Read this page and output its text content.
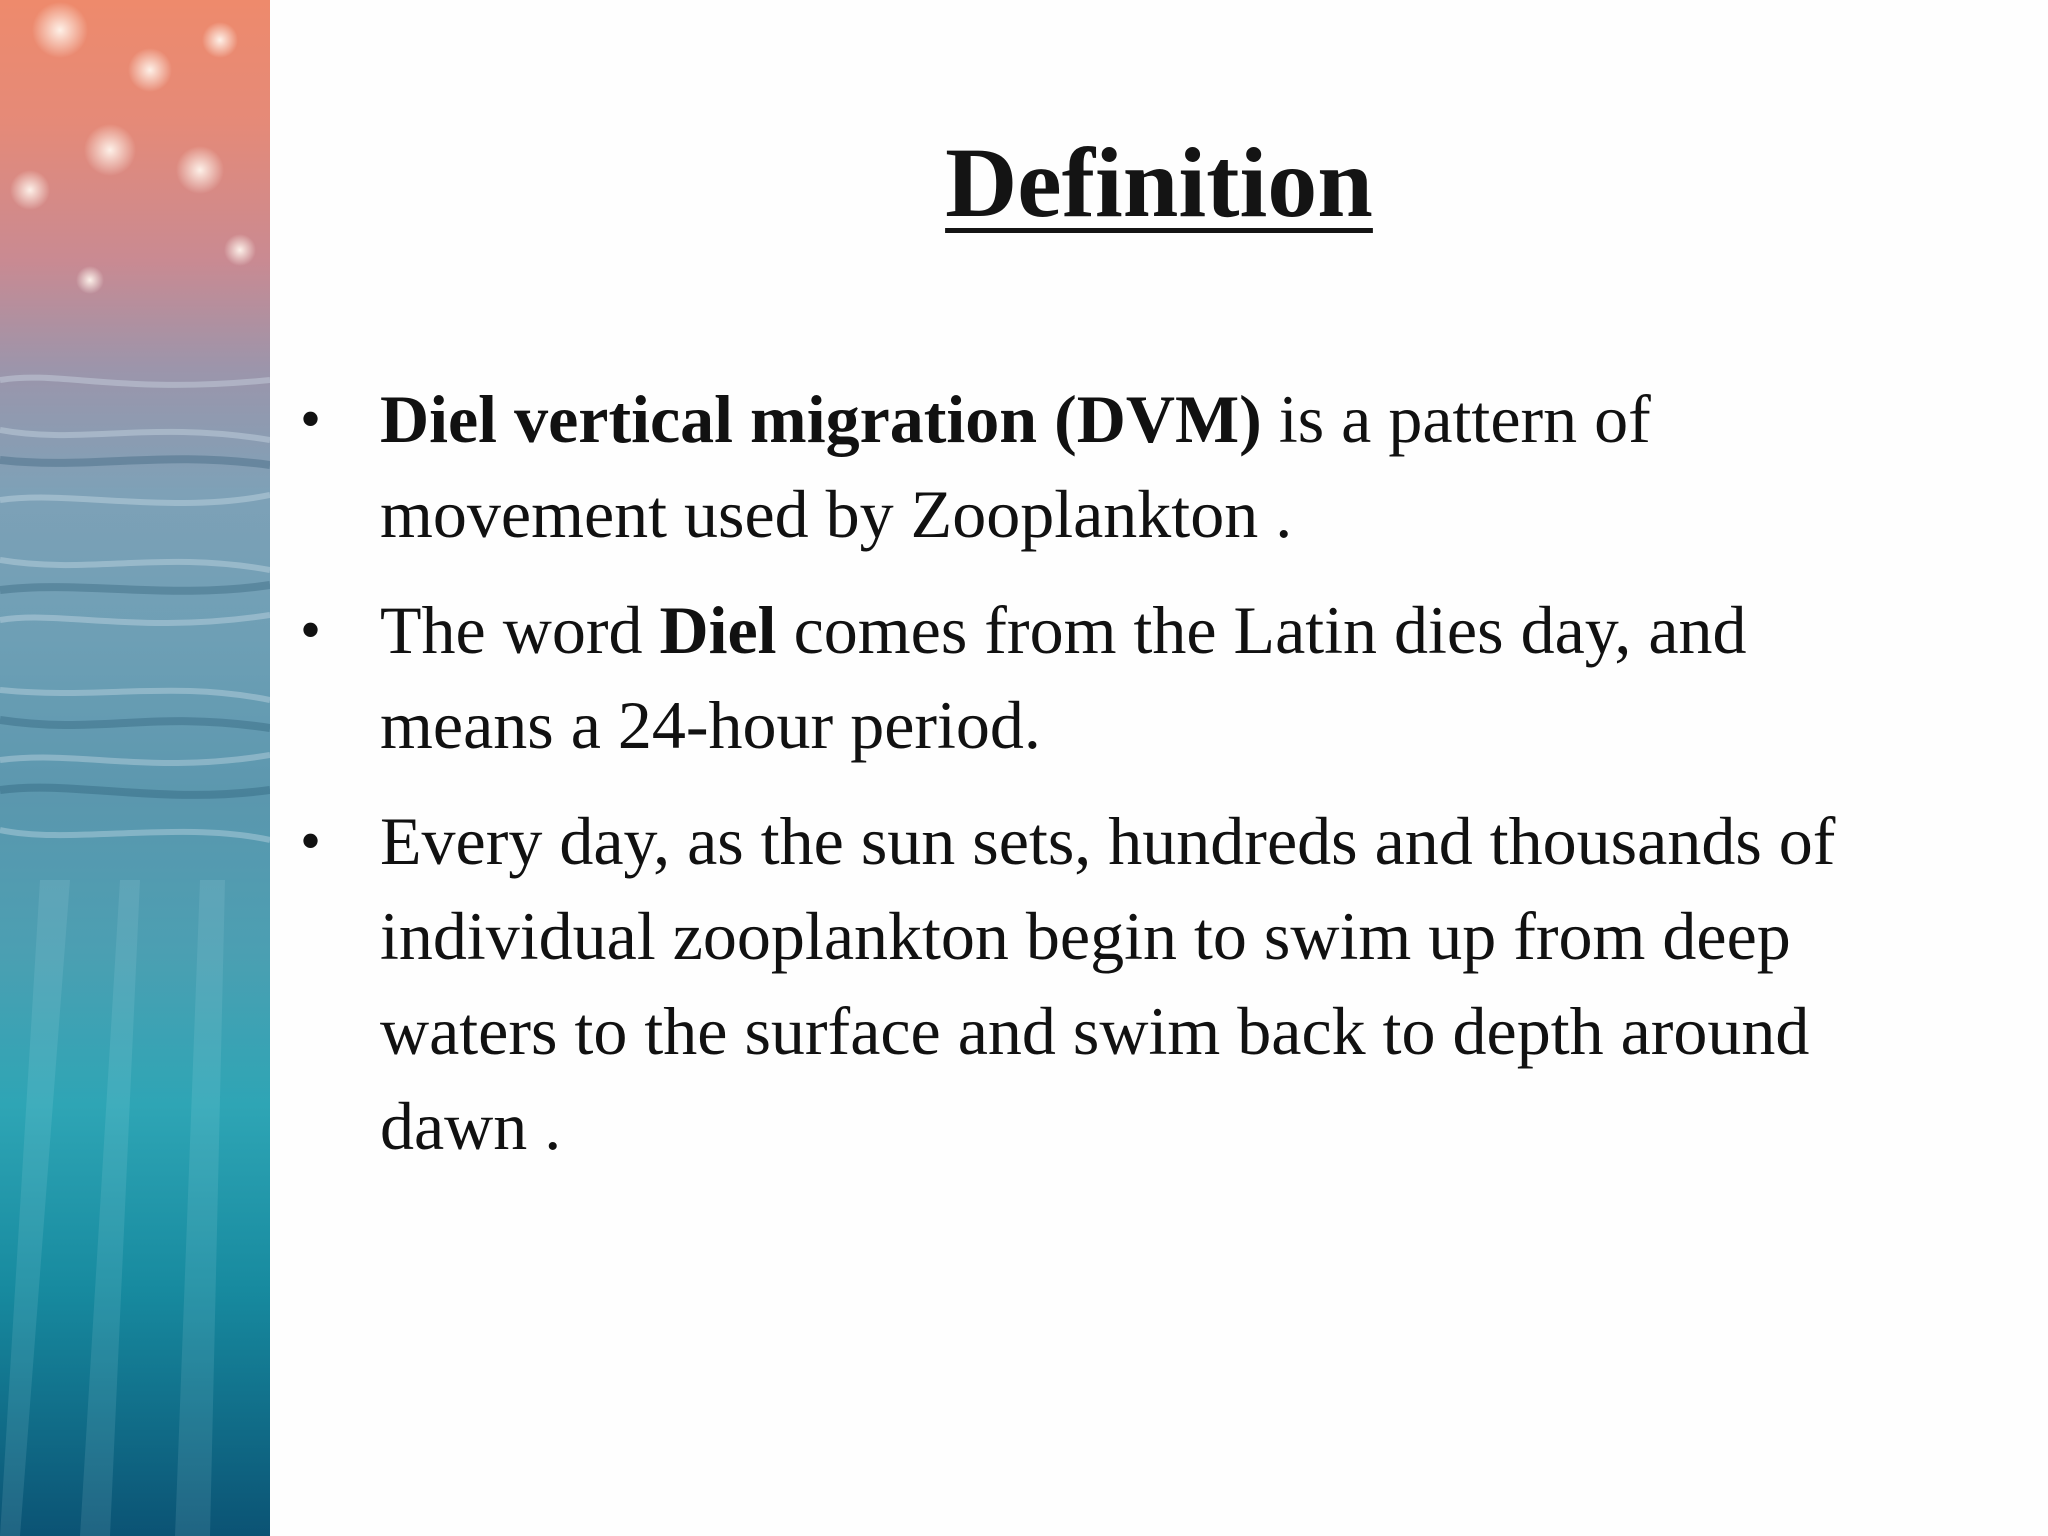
Definition
• Diel vertical migration (DVM) is a pattern of movement used by Zooplankton .
• The word Diel comes from the Latin dies day, and means a 24-hour period.
• Every day, as the sun sets, hundreds and thousands of individual zooplankton begin to swim up from deep waters to the surface and swim back to depth around dawn .
